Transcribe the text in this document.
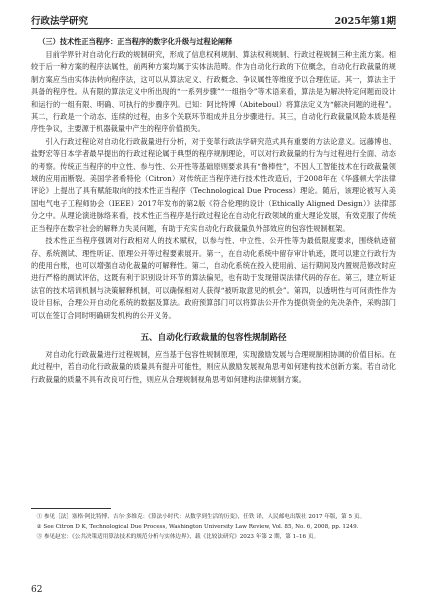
行政法学研究	2025年第1期
（三）技术性正当程序：正当程序的数字化升级与过程论阐释

目前学界针对自动化行政的规制研究，形成了信息权利规制、算法权利规制、行政过程规制三种主流方案。相较于后一种方案的程序法属性，前两种方案均属于实体法范畴。作为自动化行政的下位概念，自动化行政裁量的规制方案应当由实体法转向程序法，这可以从算法定义、行政概念、争议属性等维度予以合理佐证。其一，算法主于具备的程序性。从有限的算法定义中所出现的“一系列步骤”“一组指令”等术语来看，算法是为解决特定问题而设计和运行的一组有限、明确、可执行的步骤序列。已知：阿比特博（Abiteboul）将算法定义为“解决问题的进程”。其二，行政是一个动态、连续的过程，由多个关联环节组成并且分步骤进行。其三，自动化行政裁量风险本质是程序性争议，主要源于机器裁量中产生的程序价值损失。

引入行政过程论对自动化行政裁量进行分析，对于变革行政法学研究范式具有重要的方法论意义。远藤博也、盐野宏等日本学者最早提出的行政过程论属于典型的程序规制理论，可以对行政裁量的行为与过程进行全面、动态的考察。传统正当程序的中立性、参与性、公开性等基础原则要求具有“鲁棒性”，不因人工智能技术在行政裁量领域的应用而断裂。美国学者希特伦（Citron）对传统正当程序进行技术性改造后，于2008年在《华盛顿大学法律评论》上提出了具有赋能取向的技术性正当程序（Technological Due Process）理论。随后，该理论被写入美国电气电子工程师协会（IEEE）2017年发布的第2版《符合伦理的设计（Ethically Aligned Design）》法律部分之中。从理论演进脉络来看，技术性正当程序是行政过程论在自动化行政领域的重大理论发展，有效克服了传统正当程序在数字社会的解释力失灵问题，有助于充实自动化行政裁量负外部效应的包容性规制框架。

技术性正当程序强调对行政相对人的技术赋权，以参与性、中立性、公开性等为最低限度要求，围绕轨迹留存、系统测试、理性听证、原理公开等过程要素展开。第一，在自动化系统中留存审计轨迹，既可以建立行政行为的使用台账，也可以增强自动化裁量的可解释性。第二，自动化系统在投入使用前、运行期间及内置规范修改时应进行严格的测试评估，这既有利于识别设计环节的算法偏见，也有助于发现错误法律代码的存在。第三，建立听证法官的技术培训机制与决策解释机制，可以确保相对人获得“被听取意见的机会”。第四，以透明性与可问责性作为设计目标，合理公开自动化系统的数据及算法。政府预算部门可以将算法公开作为提供资金的先决条件，采购部门可以在签订合同时明确研发机构的公开义务。

五、自动化行政裁量的包容性规制路径

对自动化行政裁量进行过程规制，应当基于包容性规制原理，实现激励发展与合理规制相协调的价值目标。在此过程中，若自动化行政裁量的质量具有提升可能性，则应从激励发展视角思考如何建构技术创新方案。若自动化行政裁量的质量不具有改良可行性，则应从合理规制视角思考如何建构法律规制方案。

① 参见［法］塞格·阿比特博、吉尔·多维克：《算法小时代：从数学到生活的历变》，任铁 译，人民邮电出版社 2017 年版，第 5 页。
② See Citron D K, Technological Due Process, Washington University Law Review, Vol. 85, No. 6, 2008, pp. 1249.
③ 参见赵宏：《公共决策适用算法技术的规范分析与实体边界》，载《比较法研究》2023 年第 2 期，第 1–16 页。
62
